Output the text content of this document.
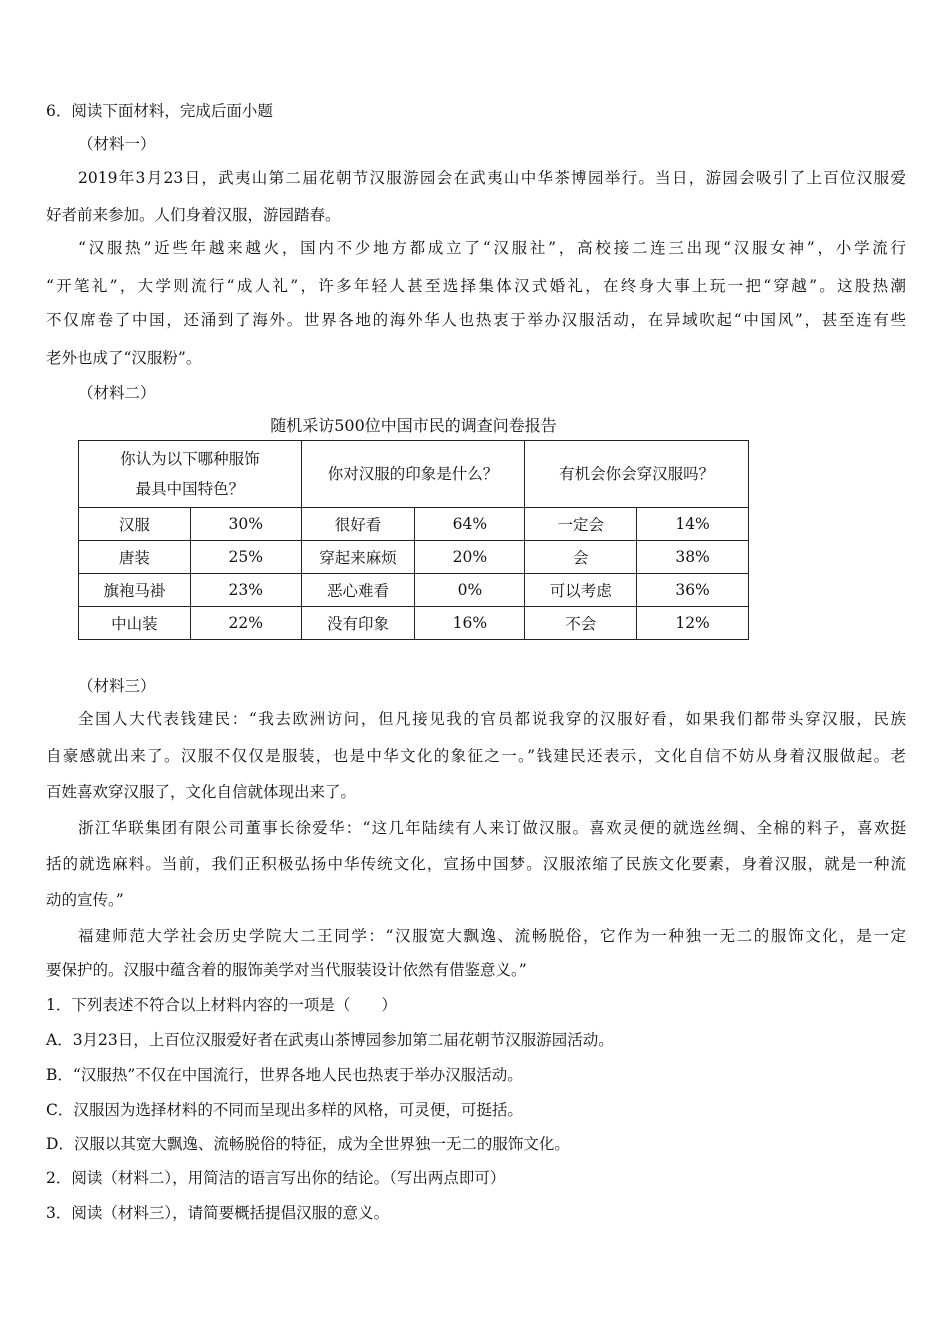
6．阅读下面材料，完成后面小题
（材料一）
2019年3月23日，武夷山第二届花朝节汉服游园会在武夷山中华茶博园举行。当日，游园会吸引了上百位汉服爱
好者前来参加。人们身着汉服，游园踏春。
“汉服热”近些年越来越火，国内不少地方都成立了“汉服社”，高校接二连三出现“汉服女神”，小学流行
“开笔礼”，大学则流行“成人礼”，许多年轻人甚至选择集体汉式婚礼，在终身大事上玩一把“穿越”。这股热潮
不仅席卷了中国，还涌到了海外。世界各地的海外华人也热衷于举办汉服活动，在异域吹起“中国风”，甚至连有些
老外也成了“汉服粉”。
（材料二）
随机采访500位中国市民的调查问卷报告
你认为以下哪种服饰
最具中国特色？		你对汉服的印象是什么？		有机会你会穿汉服吗？	
汉服	30%	很好看	64%	一定会	14%
唐装	25%	穿起来麻烦	20%	会	38%
旗袍马褂	23%	恶心难看	0%	可以考虑	36%
中山装	22%	没有印象	16%	不会	12%
（材料三）
全国人大代表钱建民：“我去欧洲访问，但凡接见我的官员都说我穿的汉服好看，如果我们都带头穿汉服，民族
自豪感就出来了。汉服不仅仅是服装，也是中华文化的象征之一。”钱建民还表示，文化自信不妨从身着汉服做起。老
百姓喜欢穿汉服了，文化自信就体现出来了。
浙江华联集团有限公司董事长徐爱华：“这几年陆续有人来订做汉服。喜欢灵便的就选丝绸、全棉的料子，喜欢挺
括的就选麻料。当前，我们正积极弘扬中华传统文化，宣扬中国梦。汉服浓缩了民族文化要素，身着汉服，就是一种流
动的宣传。”
福建师范大学社会历史学院大二王同学：“汉服宽大飘逸、流畅脱俗，它作为一种独一无二的服饰文化，是一定
要保护的。汉服中蕴含着的服饰美学对当代服装设计依然有借鉴意义。”
1．下列表述不符合以上材料内容的一项是（　　）
A．3月23日，上百位汉服爱好者在武夷山茶博园参加第二届花朝节汉服游园活动。
B．“汉服热”不仅在中国流行，世界各地人民也热衷于举办汉服活动。
C．汉服因为选择材料的不同而呈现出多样的风格，可灵便，可挺括。
D．汉服以其宽大飘逸、流畅脱俗的特征，成为全世界独一无二的服饰文化。
2．阅读（材料二），用简洁的语言写出你的结论。（写出两点即可）
3．阅读（材料三），请简要概括提倡汉服的意义。
